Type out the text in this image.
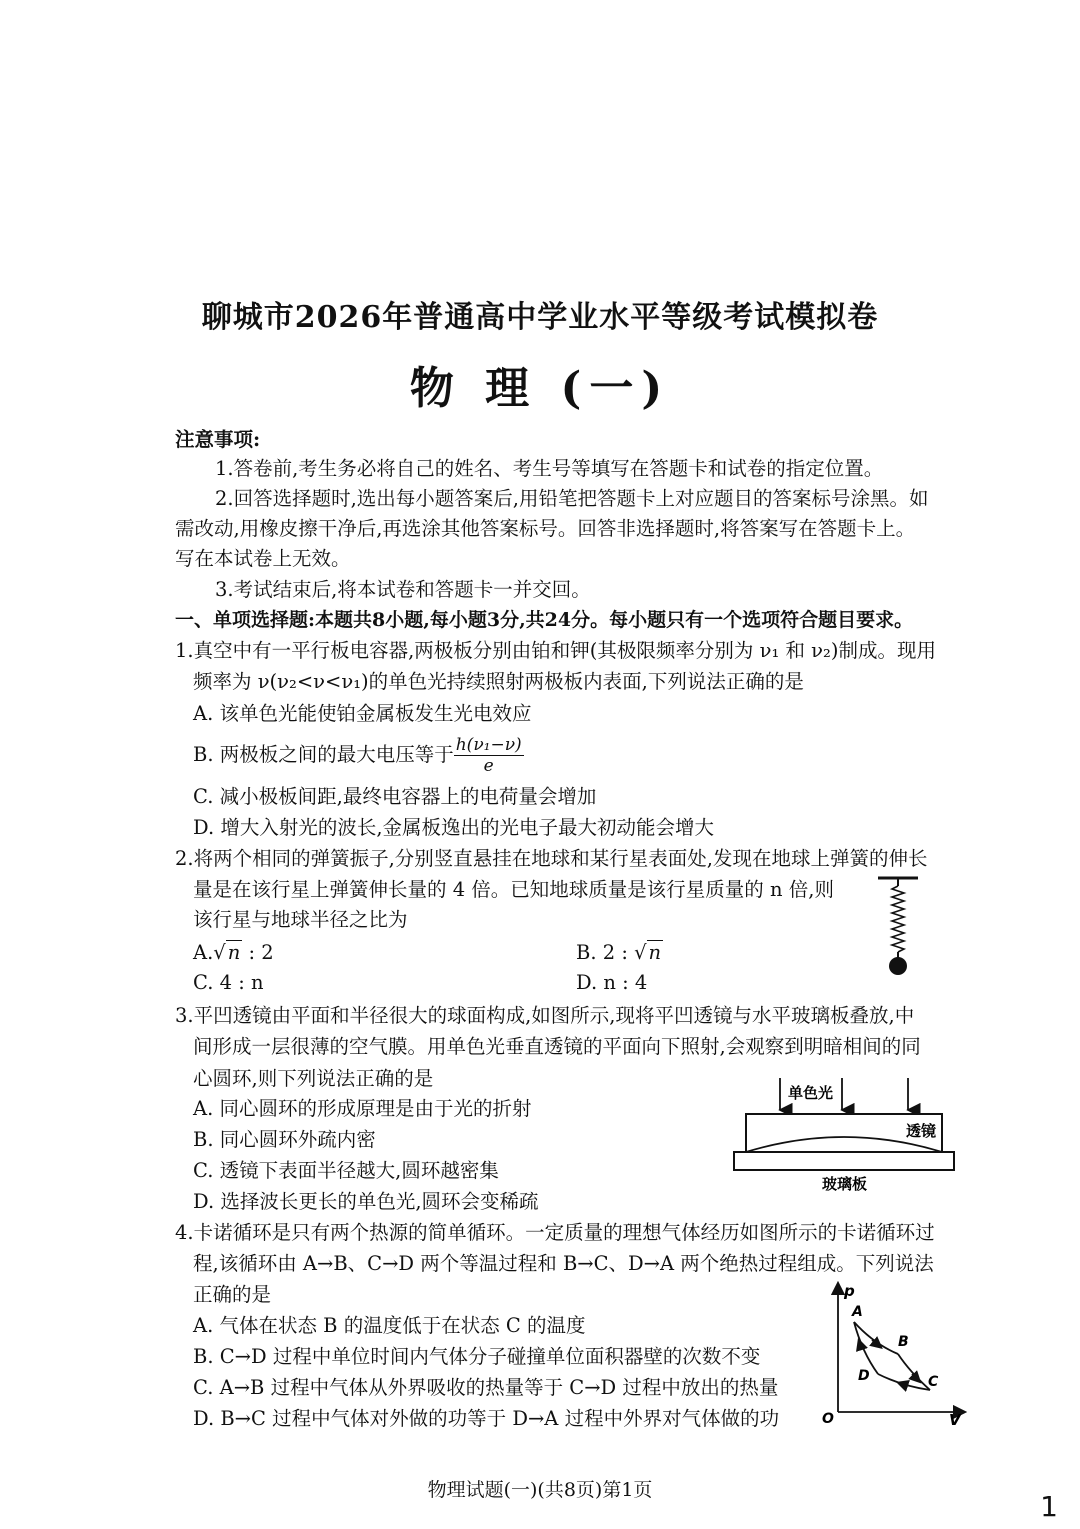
聊城市2026年普通高中学业水平等级考试模拟卷
物 理 (一)
注意事项:
1.答卷前,考生务必将自己的姓名、考生号等填写在答题卡和试卷的指定位置。
2.回答选择题时,选出每小题答案后,用铅笔把答题卡上对应题目的答案标号涂黑。如
需改动,用橡皮擦干净后,再选涂其他答案标号。回答非选择题时,将答案写在答题卡上。
写在本试卷上无效。
3.考试结束后,将本试卷和答题卡一并交回。
一、单项选择题:本题共8小题,每小题3分,共24分。每小题只有一个选项符合题目要求。
1.真空中有一平行板电容器,两极板分别由铂和钾(其极限频率分别为 ν₁ 和 ν₂)制成。现用
频率为 ν(ν₂<ν<ν₁)的单色光持续照射两极板内表面,下列说法正确的是
A. 该单色光能使铂金属板发生光电效应
B. 两极板之间的最大电压等于 $\frac{\text{h(ν₁−ν)}}{e}$
C. 减小极板间距,最终电容器上的电荷量会增加
D. 增大入射光的波长,金属板逸出的光电子最大初动能会增大
2.将两个相同的弹簧振子,分别竖直悬挂在地球和某行星表面处,发现在地球上弹簧的伸长
量是在该行星上弹簧伸长量的 4 倍。已知地球质量是该行星质量的 n 倍,则
该行星与地球半径之比为
A.√ n : 2	B. 2 : √ n
C. 4 : n	D. n : 4
3.平凹透镜由平面和半径很大的球面构成,如图所示,现将平凹透镜与水平玻璃板叠放,中
间形成一层很薄的空气膜。用单色光垂直透镜的平面向下照射,会观察到明暗相间的同
心圆环,则下列说法正确的是
A. 同心圆环的形成原理是由于光的折射
B. 同心圆环外疏内密
C. 透镜下表面半径越大,圆环越密集
D. 选择波长更长的单色光,圆环会变稀疏
单色光
透镜
玻璃板
4.卡诺循环是只有两个热源的简单循环。一定质量的理想气体经历如图所示的卡诺循环过
程,该循环由 A→B、C→D 两个等温过程和 B→C、D→A 两个绝热过程组成。下列说法
正确的是
A. 气体在状态 B 的温度低于在状态 C 的温度
B. C→D 过程中单位时间内气体分子碰撞单位面积器壁的次数不变
C. A→B 过程中气体从外界吸收的热量等于 C→D 过程中放出的热量
D. B→C 过程中气体对外做的功等于 D→A 过程中外界对气体做的功
p
V
O
A
B
C
D
物理试题(一)(共8页)第1页	1
